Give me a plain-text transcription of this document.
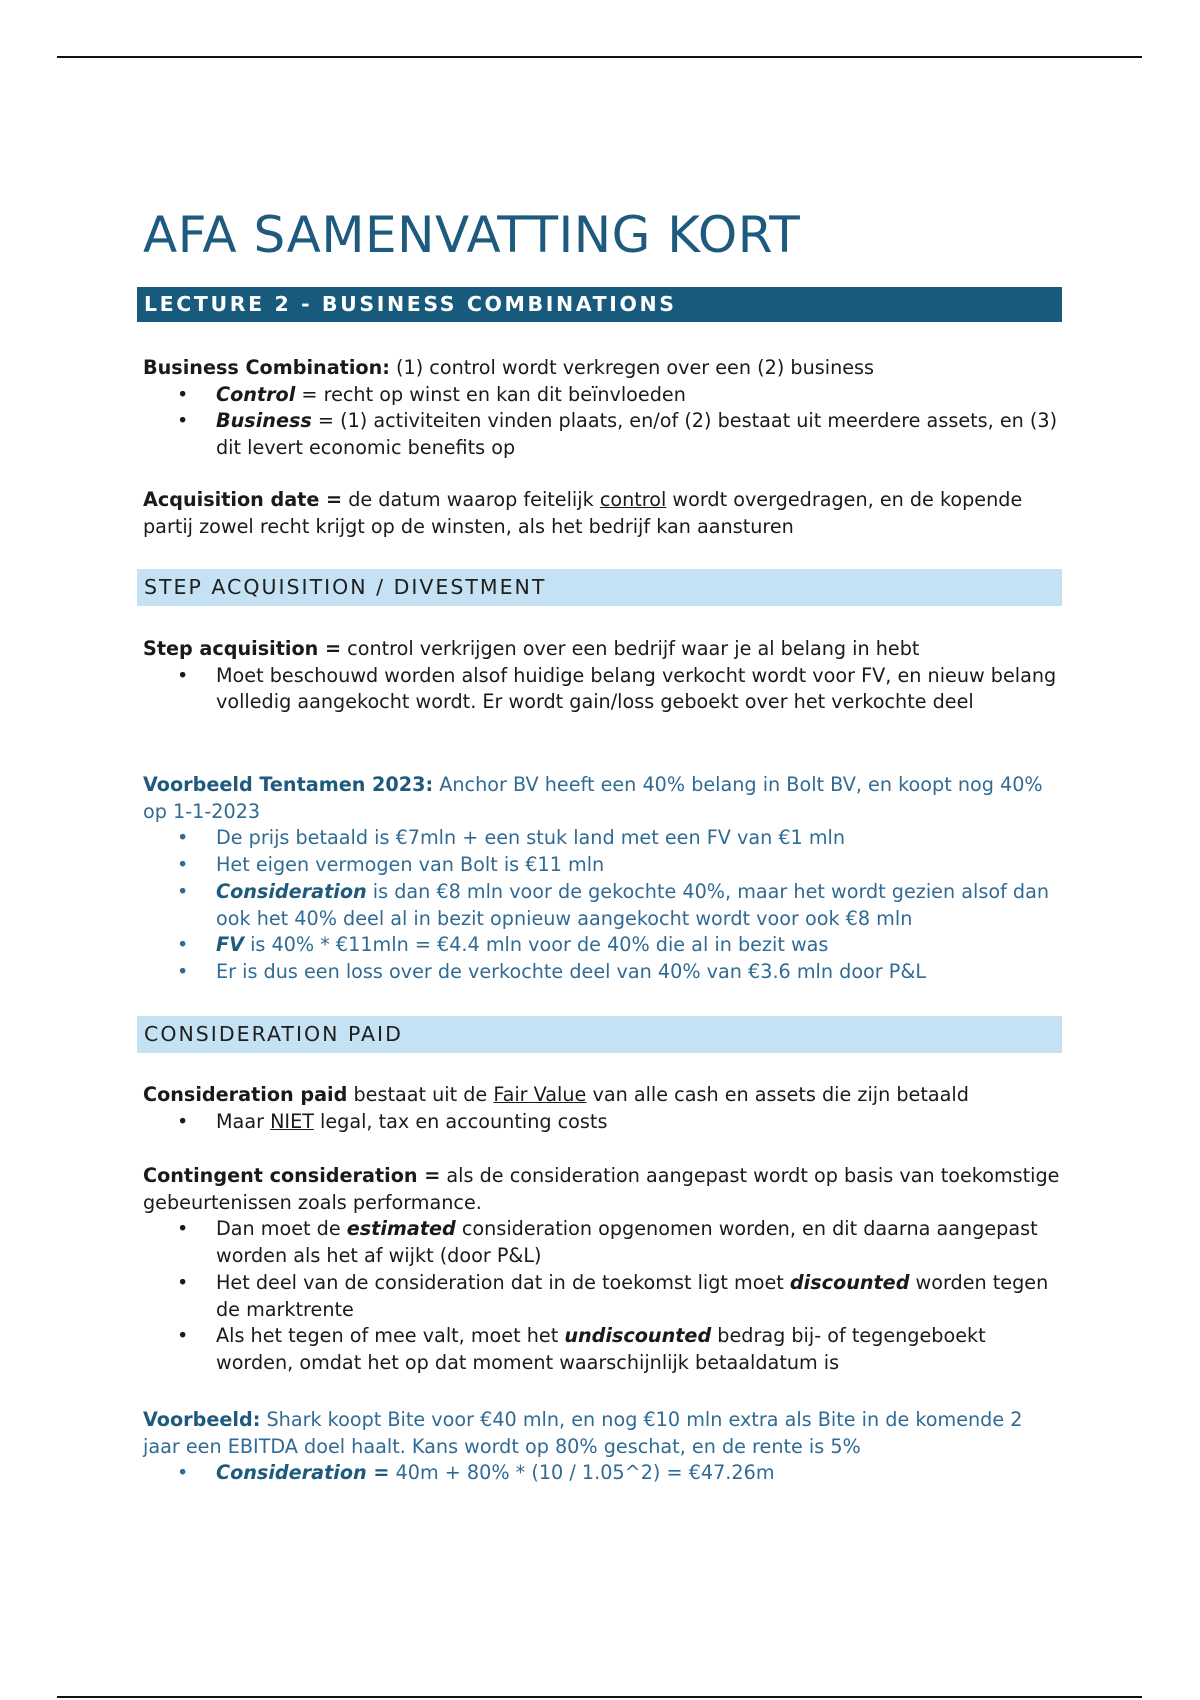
AFA SAMENVATTING KORT
LECTURE 2 - BUSINESS COMBINATIONS

Business Combination: (1) control wordt verkregen over een (2) business

• Control = recht op winst en kan dit beïnvloeden
• Business = (1) activiteiten vinden plaats, en/of (2) bestaat uit meerdere assets, en (3) dit levert economic benefits op

Acquisition date = de datum waarop feitelijk control wordt overgedragen, en de kopende partij zowel recht krijgt op de winsten, als het bedrijf kan aansturen

STEP ACQUISITION / DIVESTMENT

Step acquisition = control verkrijgen over een bedrijf waar je al belang in hebt

• Moet beschouwd worden alsof huidige belang verkocht wordt voor FV, en nieuw belang volledig aangekocht wordt. Er wordt gain/loss geboekt over het verkochte deel

Voorbeeld Tentamen 2023: Anchor BV heeft een 40% belang in Bolt BV, en koopt nog 40% op 1-1-2023

• De prijs betaald is €7mln + een stuk land met een FV van €1 mln
• Het eigen vermogen van Bolt is €11 mln
• Consideration is dan €8 mln voor de gekochte 40%, maar het wordt gezien alsof dan ook het 40% deel al in bezit opnieuw aangekocht wordt voor ook €8 mln
• FV is 40% * €11mln = €4.4 mln voor de 40% die al in bezit was
• Er is dus een loss over de verkochte deel van 40% van €3.6 mln door P&L
CONSIDERATION PAID

Consideration paid bestaat uit de Fair Value van alle cash en assets die zijn betaald

• Maar NIET legal, tax en accounting costs

Contingent consideration = als de consideration aangepast wordt op basis van toekomstige gebeurtenissen zoals performance.

• Dan moet de estimated consideration opgenomen worden, en dit daarna aangepast worden als het af wijkt (door P&L)
• Het deel van de consideration dat in de toekomst ligt moet discounted worden tegen de marktrente
• Als het tegen of mee valt, moet het undiscounted bedrag bij- of tegengeboekt worden, omdat het op dat moment waarschijnlijk betaaldatum is

Voorbeeld: Shark koopt Bite voor €40 mln, en nog €10 mln extra als Bite in de komende 2 jaar een EBITDA doel haalt. Kans wordt op 80% geschat, en de rente is 5%

• Consideration = 40m + 80% * (10 / 1.05^2) = €47.26m
